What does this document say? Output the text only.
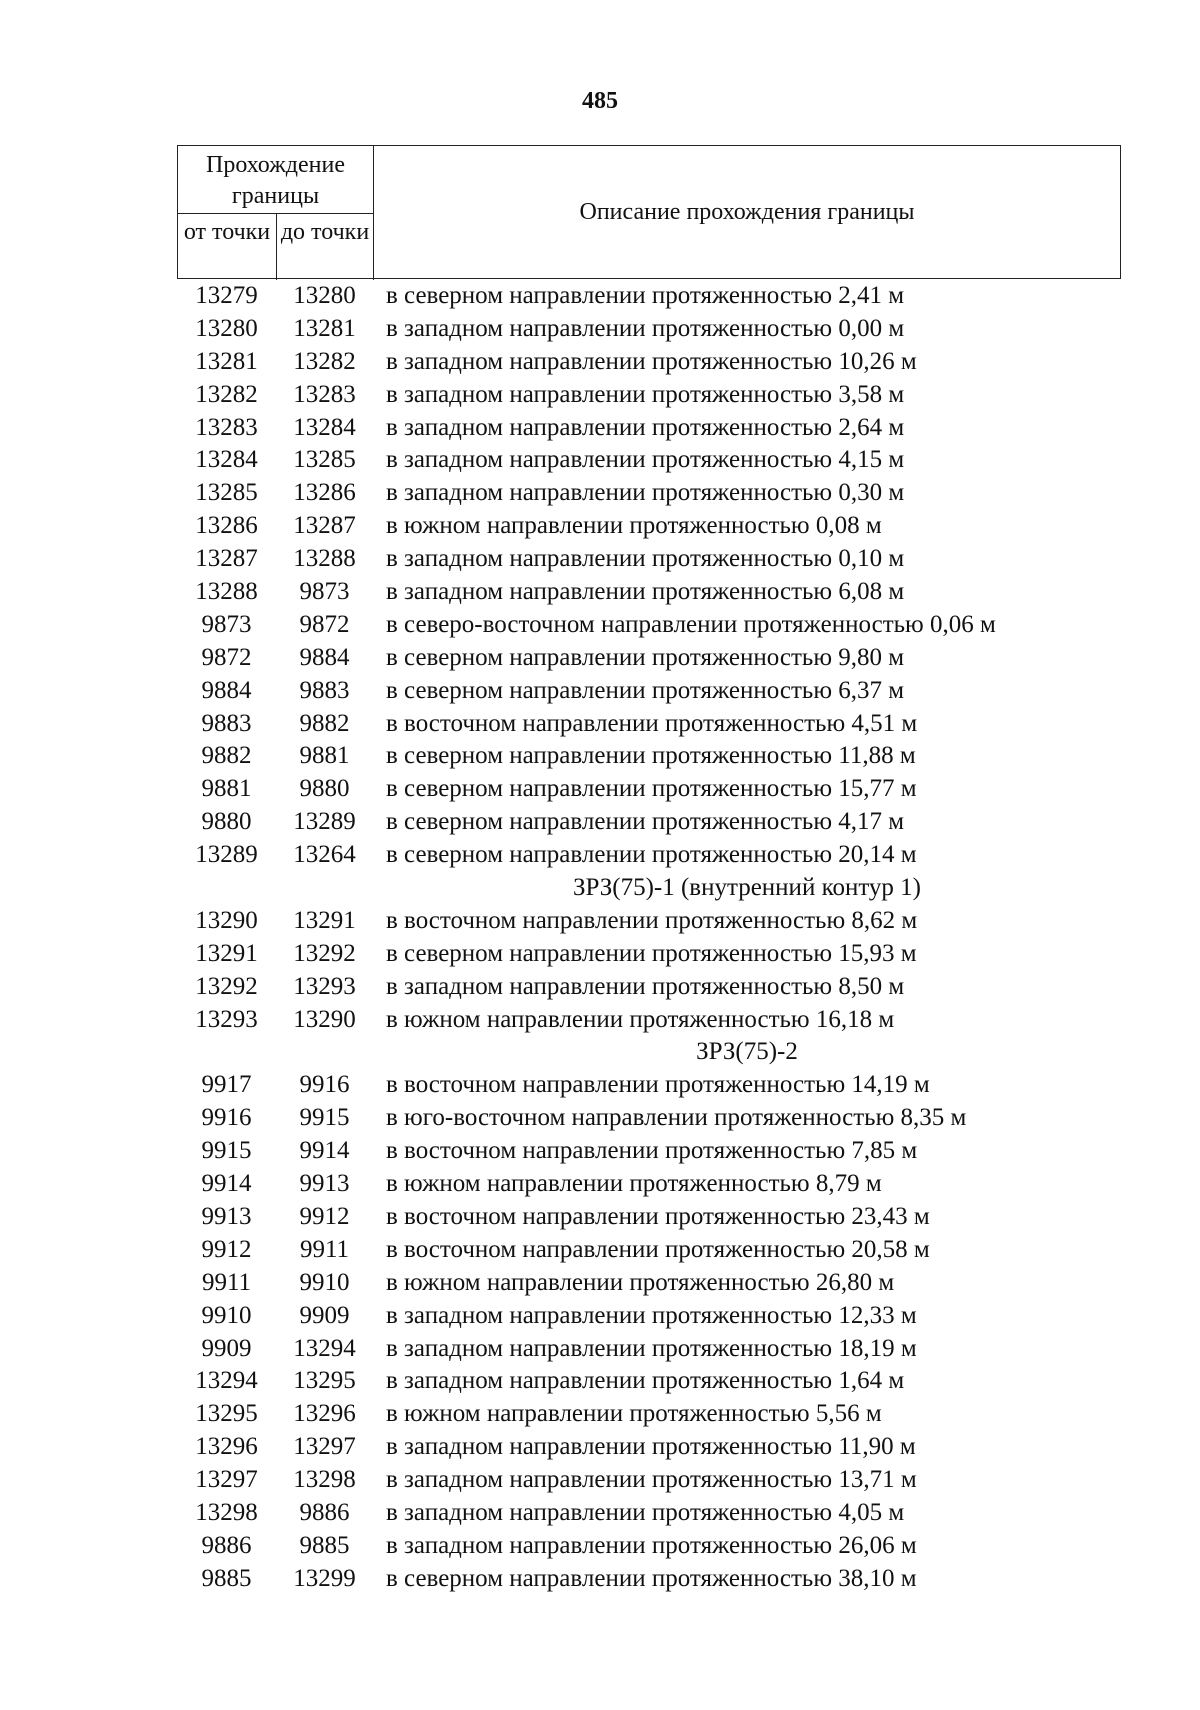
485
Прохождение границы
от точки до точки
Описание прохождения границы
13279	13280	в северном направлении протяженностью 2,41 м
13280	13281	в западном направлении протяженностью 0,00 м
13281	13282	в западном направлении протяженностью 10,26 м
13282	13283	в западном направлении протяженностью 3,58 м
13283	13284	в западном направлении протяженностью 2,64 м
13284	13285	в западном направлении протяженностью 4,15 м
13285	13286	в западном направлении протяженностью 0,30 м
13286	13287	в южном направлении протяженностью 0,08 м
13287	13288	в западном направлении протяженностью 0,10 м
13288	9873	в западном направлении протяженностью 6,08 м
9873	9872	в северо-восточном направлении протяженностью 0,06 м
9872	9884	в северном направлении протяженностью 9,80 м
9884	9883	в северном направлении протяженностью 6,37 м
9883	9882	в восточном направлении протяженностью 4,51 м
9882	9881	в северном направлении протяженностью 11,88 м
9881	9880	в северном направлении протяженностью 15,77 м
9880	13289	в северном направлении протяженностью 4,17 м
13289	13264	в северном направлении протяженностью 20,14 м
ЗРЗ(75)-1 (внутренний контур 1)
13290	13291	в восточном направлении протяженностью 8,62 м
13291	13292	в северном направлении протяженностью 15,93 м
13292	13293	в западном направлении протяженностью 8,50 м
13293	13290	в южном направлении протяженностью 16,18 м
ЗРЗ(75)-2
9917	9916	в восточном направлении протяженностью 14,19 м
9916	9915	в юго-восточном направлении протяженностью 8,35 м
9915	9914	в восточном направлении протяженностью 7,85 м
9914	9913	в южном направлении протяженностью 8,79 м
9913	9912	в восточном направлении протяженностью 23,43 м
9912	9911	в восточном направлении протяженностью 20,58 м
9911	9910	в южном направлении протяженностью 26,80 м
9910	9909	в западном направлении протяженностью 12,33 м
9909	13294	в западном направлении протяженностью 18,19 м
13294	13295	в западном направлении протяженностью 1,64 м
13295	13296	в южном направлении протяженностью 5,56 м
13296	13297	в западном направлении протяженностью 11,90 м
13297	13298	в западном направлении протяженностью 13,71 м
13298	9886	в западном направлении протяженностью 4,05 м
9886	9885	в западном направлении протяженностью 26,06 м
9885	13299	в северном направлении протяженностью 38,10 м
